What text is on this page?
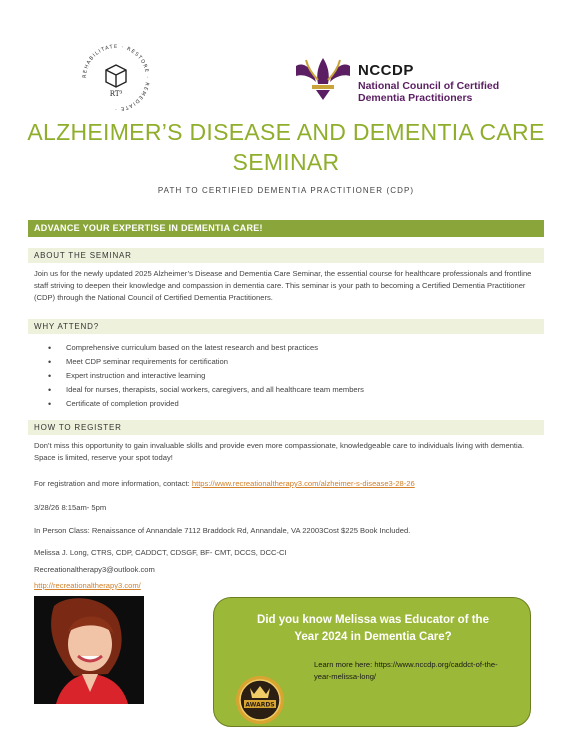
REHABILITATE · RESTORE · REMEDIATE ·
RT³
NCCDP
National Council of Certified
Dementia Practitioners
ALZHEIMER’S DISEASE AND DEMENTIA CARE
SEMINAR
PATH TO CERTIFIED DEMENTIA PRACTITIONER (CDP)
ADVANCE YOUR EXPERTISE IN DEMENTIA CARE!
ABOUT THE SEMINAR
Join us for the newly updated 2025 Alzheimer’s Disease and Dementia Care Seminar, the essential course for healthcare professionals and frontline staff striving to deepen their knowledge and compassion in dementia care. This seminar is your path to becoming a Certified Dementia Practitioner (CDP) through the National Council of Certified Dementia Practitioners.
WHY ATTEND?
• Comprehensive curriculum based on the latest research and best practices
• Meet CDP seminar requirements for certification
• Expert instruction and interactive learning
• Ideal for nurses, therapists, social workers, caregivers, and all healthcare team members
• Certificate of completion provided
HOW TO REGISTER
Don’t miss this opportunity to gain invaluable skills and provide even more compassionate, knowledgeable care to individuals living with dementia. Space is limited, reserve your spot today!
For registration and more information, contact: https://www.recreationaltherapy3.com/alzheimer-s-disease3-28-26
3/28/26 8:15am- 5pm
In Person Class: Renaissance of Annandale 7112 Braddock Rd, Annandale, VA 22003Cost $225 Book Included.
Melissa J. Long, CTRS, CDP, CADDCT, CDSGF, BF- CMT, DCCS, DCC-CI
Recreationaltherapy3@outlook.com
http://recreationaltherapy3.com/
Did you know Melissa was Educator of the
Year 2024 in Dementia Care?
Learn more here: https://www.nccdp.org/caddct-of-the-year-melissa-long/
AWARDS
